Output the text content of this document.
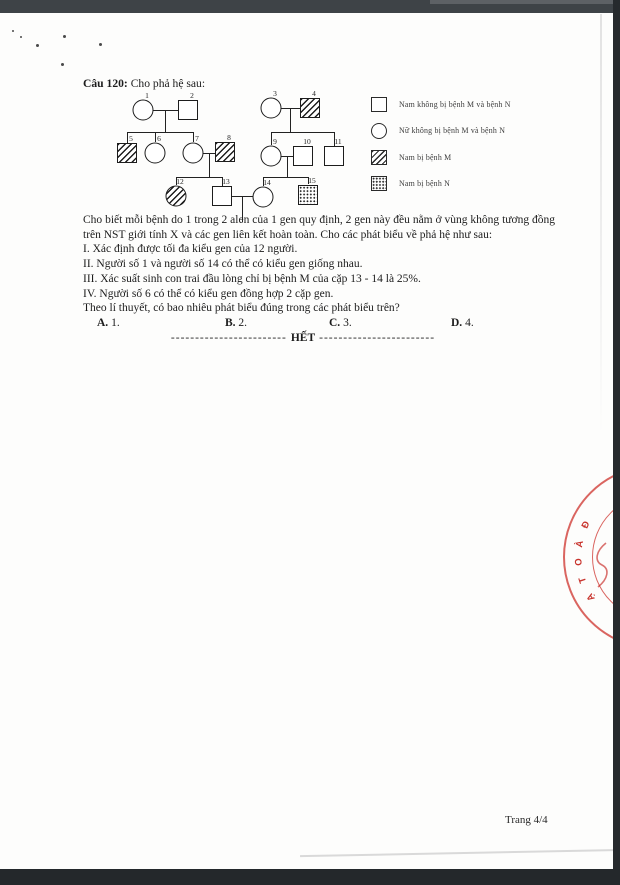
Câu 120: Cho phả hệ sau:
1	2	3	4
5	6	7	8	9	10	11
12	13	14	15
Nam không bị bệnh M và bệnh N
Nữ không bị bệnh M và bệnh N
Nam bị bệnh M
Nam bị bệnh N

Cho biết mỗi bệnh do 1 trong 2 alen của 1 gen quy định, 2 gen này đều nằm ở vùng không tương đồng trên NST giới tính X và các gen liên kết hoàn toàn. Cho các phát biểu về phả hệ như sau:

I. Xác định được tối đa kiểu gen của 12 người.
II. Người số 1 và người số 14 có thể có kiểu gen giống nhau.
III. Xác suất sinh con trai đầu lòng chỉ bị bệnh M của cặp 13 - 14 là 25%.
IV. Người số 6 có thể có kiểu gen đồng hợp 2 cặp gen.
Theo lí thuyết, có bao nhiêu phát biểu đúng trong các phát biểu trên?
A. 1.	B. 2.	C. 3.	D. 4.
------------------------ HẾT ------------------------
Đ
À
O
T
Ạ
Trang 4/4
